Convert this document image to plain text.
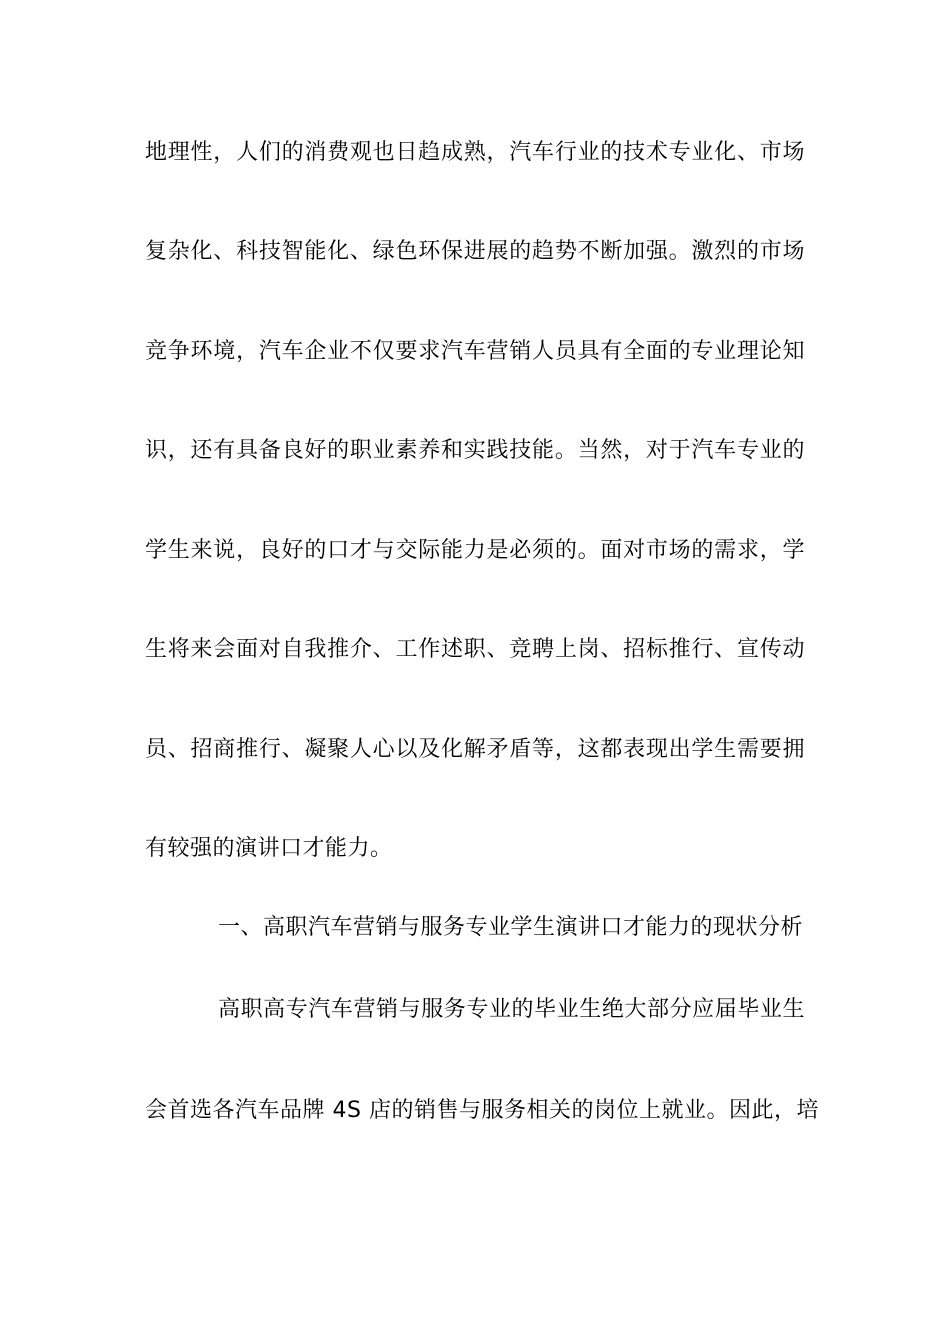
地理性，人们的消费观也日趋成熟，汽车行业的技术专业化、市场
复杂化、科技智能化、绿色环保进展的趋势不断加强。激烈的市场
竞争环境，汽车企业不仅要求汽车营销人员具有全面的专业理论知
识，还有具备良好的职业素养和实践技能。当然，对于汽车专业的
学生来说，良好的口才与交际能力是必须的。面对市场的需求，学
生将来会面对自我推介、工作述职、竞聘上岗、招标推行、宣传动
员、招商推行、凝聚人心以及化解矛盾等，这都表现出学生需要拥
有较强的演讲口才能力。
一、高职汽车营销与服务专业学生演讲口才能力的现状分析
高职高专汽车营销与服务专业的毕业生绝大部分应届毕业生
会首选各汽车品牌 4S 店的销售与服务相关的岗位上就业。因此，培
